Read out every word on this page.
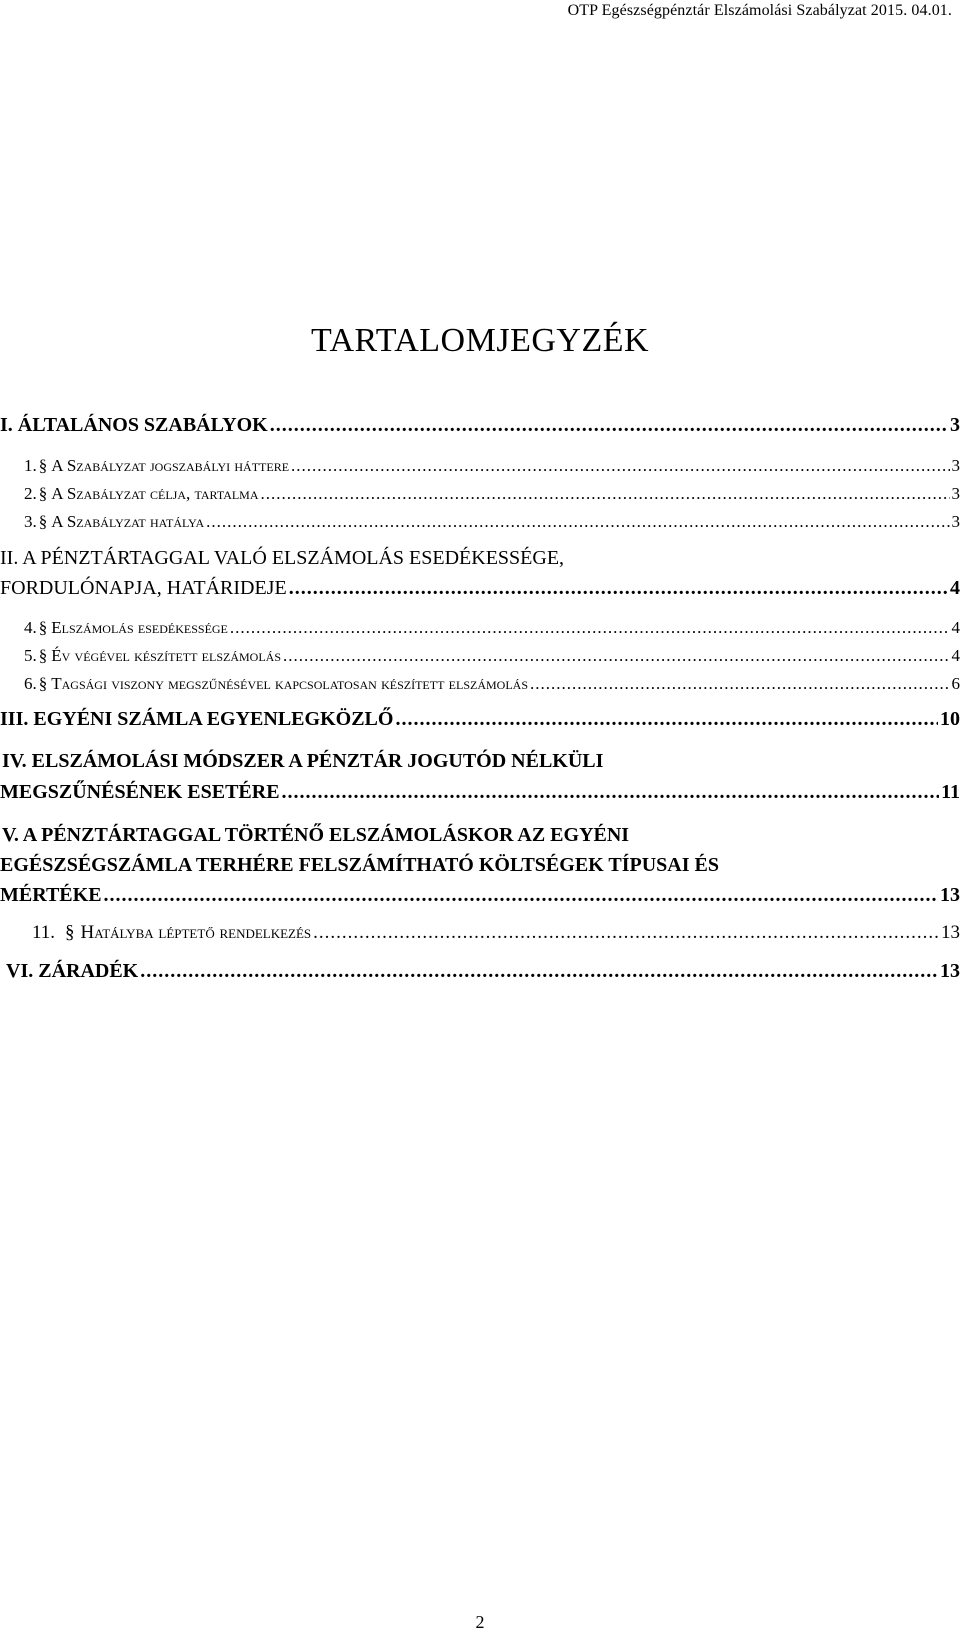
OTP Egészségpénztár Elszámolási Szabályzat 2015. 04.01.
TARTALOMJEGYZÉK
I. ÁLTALÁNOS SZABÁLYOK .....	3
1. § A Szabályzat jogszabályi háttere .....	3
2. § A Szabályzat célja, tartalma .....	3
3. § A Szabályzat hatálya .....	3
II. A PÉNZTÁRTAGGAL VALÓ ELSZÁMOLÁS ESEDÉKESSÉGE,
FORDULÓNAPJA, HATÁRIDEJE .....	4
4. § Elszámolás esedékessége .....	4
5. § Év végével készített elszámolás .....	4
6. § Tagsági viszony megszűnésével kapcsolatosan készített elszámolás .....	6
III. EGYÉNI SZÁMLA EGYENLEGKÖZLŐ .....	10
IV. ELSZÁMOLÁSI MÓDSZER A PÉNZTÁR JOGUTÓD NÉLKÜLI
MEGSZŰNÉSÉNEK ESETÉRE .....	11
V. A PÉNZTÁRTAGGAL TÖRTÉNŐ ELSZÁMOLÁSKOR AZ EGYÉNI
EGÉSZSÉGSZÁMLA TERHÉRE FELSZÁMÍTHATÓ KÖLTSÉGEK TÍPUSAI ÉS
MÉRTÉKE .....	13
11. § Hatályba léptető rendelkezés .....	13
VI. ZÁRADÉK .....	13
2
